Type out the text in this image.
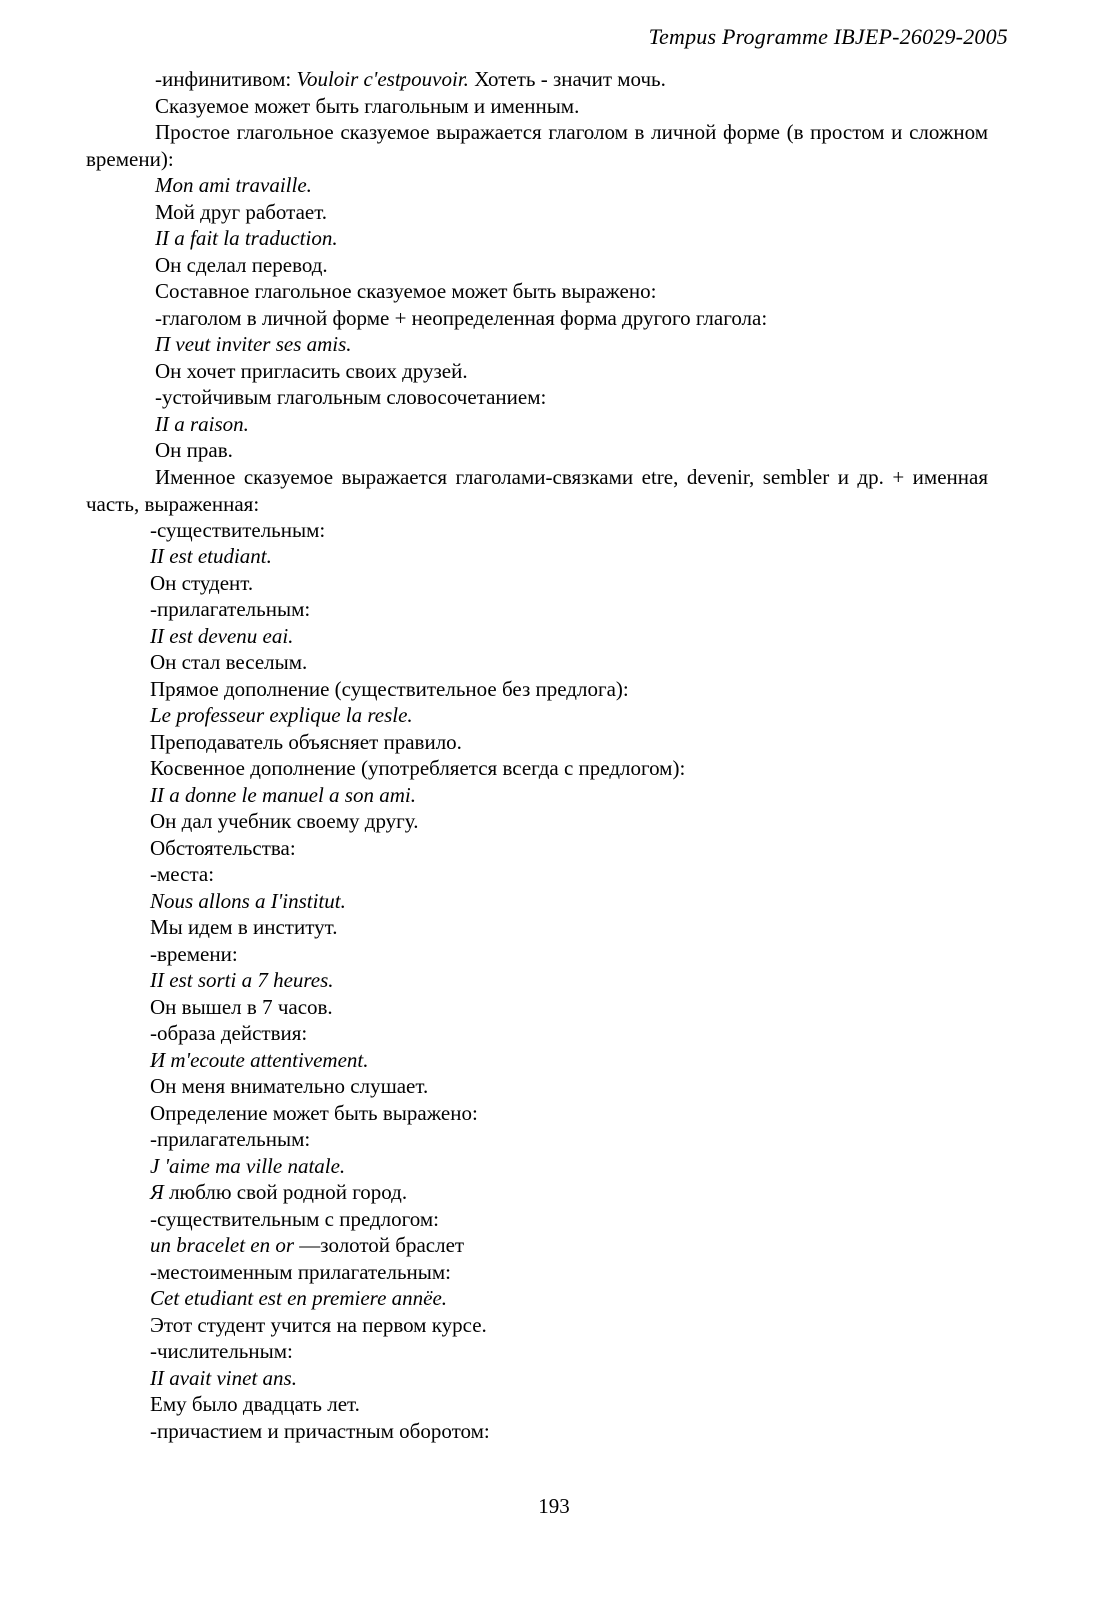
Tempus Programme IBJEP-26029-2005
-инфинитивом: Vouloir c'estpouvoir. Хотеть - значит мочь.
Сказуемое может быть глагольным и именным.
Простое глагольное сказуемое выражается глаголом в личной форме (в простом и сложном времени):
Mon ami travaille.
Мой друг работает.
II a fait la traduction.
Он сделал перевод.
Составное глагольное сказуемое может быть выражено:
-глаголом в личной форме + неопределенная форма другого глагола:
П veut inviter ses amis.
Он хочет пригласить своих друзей.
-устойчивым глагольным словосочетанием:
II a raison.
Он прав.
Именное сказуемое выражается глаголами-связками etre, devenir, sembler и др. + именная часть, выраженная:
-существительным:
II est etudiant.
Он студент.
-прилагательным:
II est devenu eai.
Он стал веселым.
Прямое дополнение (существительное без предлога):
Le professeur explique la resle.
Преподаватель объясняет правило.
Косвенное дополнение (употребляется всегда с предлогом):
II a donne le manuel a son ami.
Он дал учебник своему другу.
Обстоятельства:
-места:
Nous allons a I'institut.
Мы идем в институт.
-времени:
II est sorti a 7 heures.
Он вышел в 7 часов.
-образа действия:
И m'ecoute attentivement.
Он меня внимательно слушает.
Определение может быть выражено:
-прилагательным:
J 'aime ma ville natale.
Я люблю свой родной город.
-существительным с предлогом:
un bracelet en or —золотой браслет
-местоименным прилагательным:
Cet etudiant est en premiere annёe.
Этот студент учится на первом курсе.
-числительным:
II avait vinet ans.
Ему было двадцать лет.
-причастием и причастным оборотом:
193
